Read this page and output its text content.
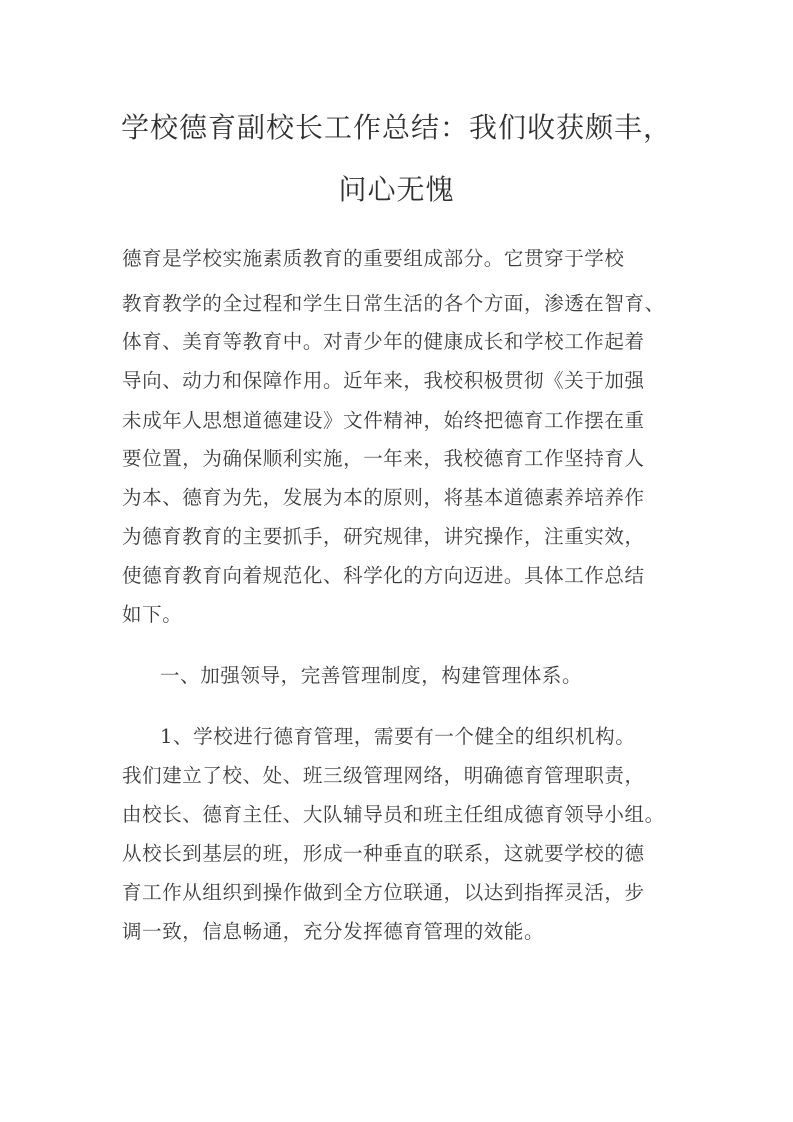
学校德育副校长工作总结：我们收获颇丰，
问心无愧
德育是学校实施素质教育的重要组成部分。它贯穿于学校
教育教学的全过程和学生日常生活的各个方面，渗透在智育、
体育、美育等教育中。对青少年的健康成长和学校工作起着
导向、动力和保障作用。近年来，我校积极贯彻《关于加强
未成年人思想道德建设》文件精神，始终把德育工作摆在重
要位置，为确保顺利实施，一年来，我校德育工作坚持育人
为本、德育为先，发展为本的原则，将基本道德素养培养作
为德育教育的主要抓手，研究规律，讲究操作，注重实效，
使德育教育向着规范化、科学化的方向迈进。具体工作总结
如下。
一、加强领导，完善管理制度，构建管理体系。
1、学校进行德育管理，需要有一个健全的组织机构。
我们建立了校、处、班三级管理网络，明确德育管理职责，
由校长、德育主任、大队辅导员和班主任组成德育领导小组。
从校长到基层的班，形成一种垂直的联系，这就要学校的德
育工作从组织到操作做到全方位联通，以达到指挥灵活，步
调一致，信息畅通，充分发挥德育管理的效能。
